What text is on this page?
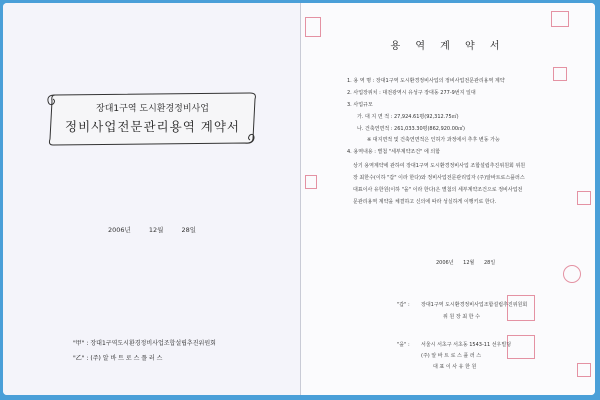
장대1구역 도시환경정비사업
정비사업전문관리용역 계약서
2006년	12월	28일
"甲" : 장대1구역도시환경정비사업조합설립추진위원회
"乙" : (주) 알 바 트 로 스 플 러 스
용 역 계 약 서
1. 용 역 명 : 장대1구역 도시환경정비사업의 정비사업전문관리용역 계약
2. 사업장위치 : 대전광역시 유성구 장대동 277-9번지 일대
3. 사업규모
가. 대 지 면 적 : 27,924.61평(92,312.75㎡)
나. 건축연면적 : 261,033.30평(862,920.00㎡)
※ 대지면적 및 건축연면적은 인허가 과정에서 추후 변동 가능
4. 용역내용 : 별첨 "세부계약조건" 에 의함
상기 용역계약에 관하여 장대1구역 도시환경정비사업 조합설립추진위원회 위원
장 최한수(이하 "갑" 이라 한다)와 정비사업전문관리업자 (주)알바트로스플러스
대표이사 유한원(이하 "을" 이라 한다)은 별첨의 세부계약조건으로 정비사업전
문관리용역 계약을 체결하고 신의에 따라 성실하게 이행키로 한다.
2006년 12월 28일
"갑" : 장대1구역 도시환경정비사업조합설립추진위원회
위 원 장 최 한 수
"을" : 서울시 서초구 서초동 1543-11 선우빌딩
(주) 알 바 트 로 스 플 러 스
대 표 이 사 유 한 원
